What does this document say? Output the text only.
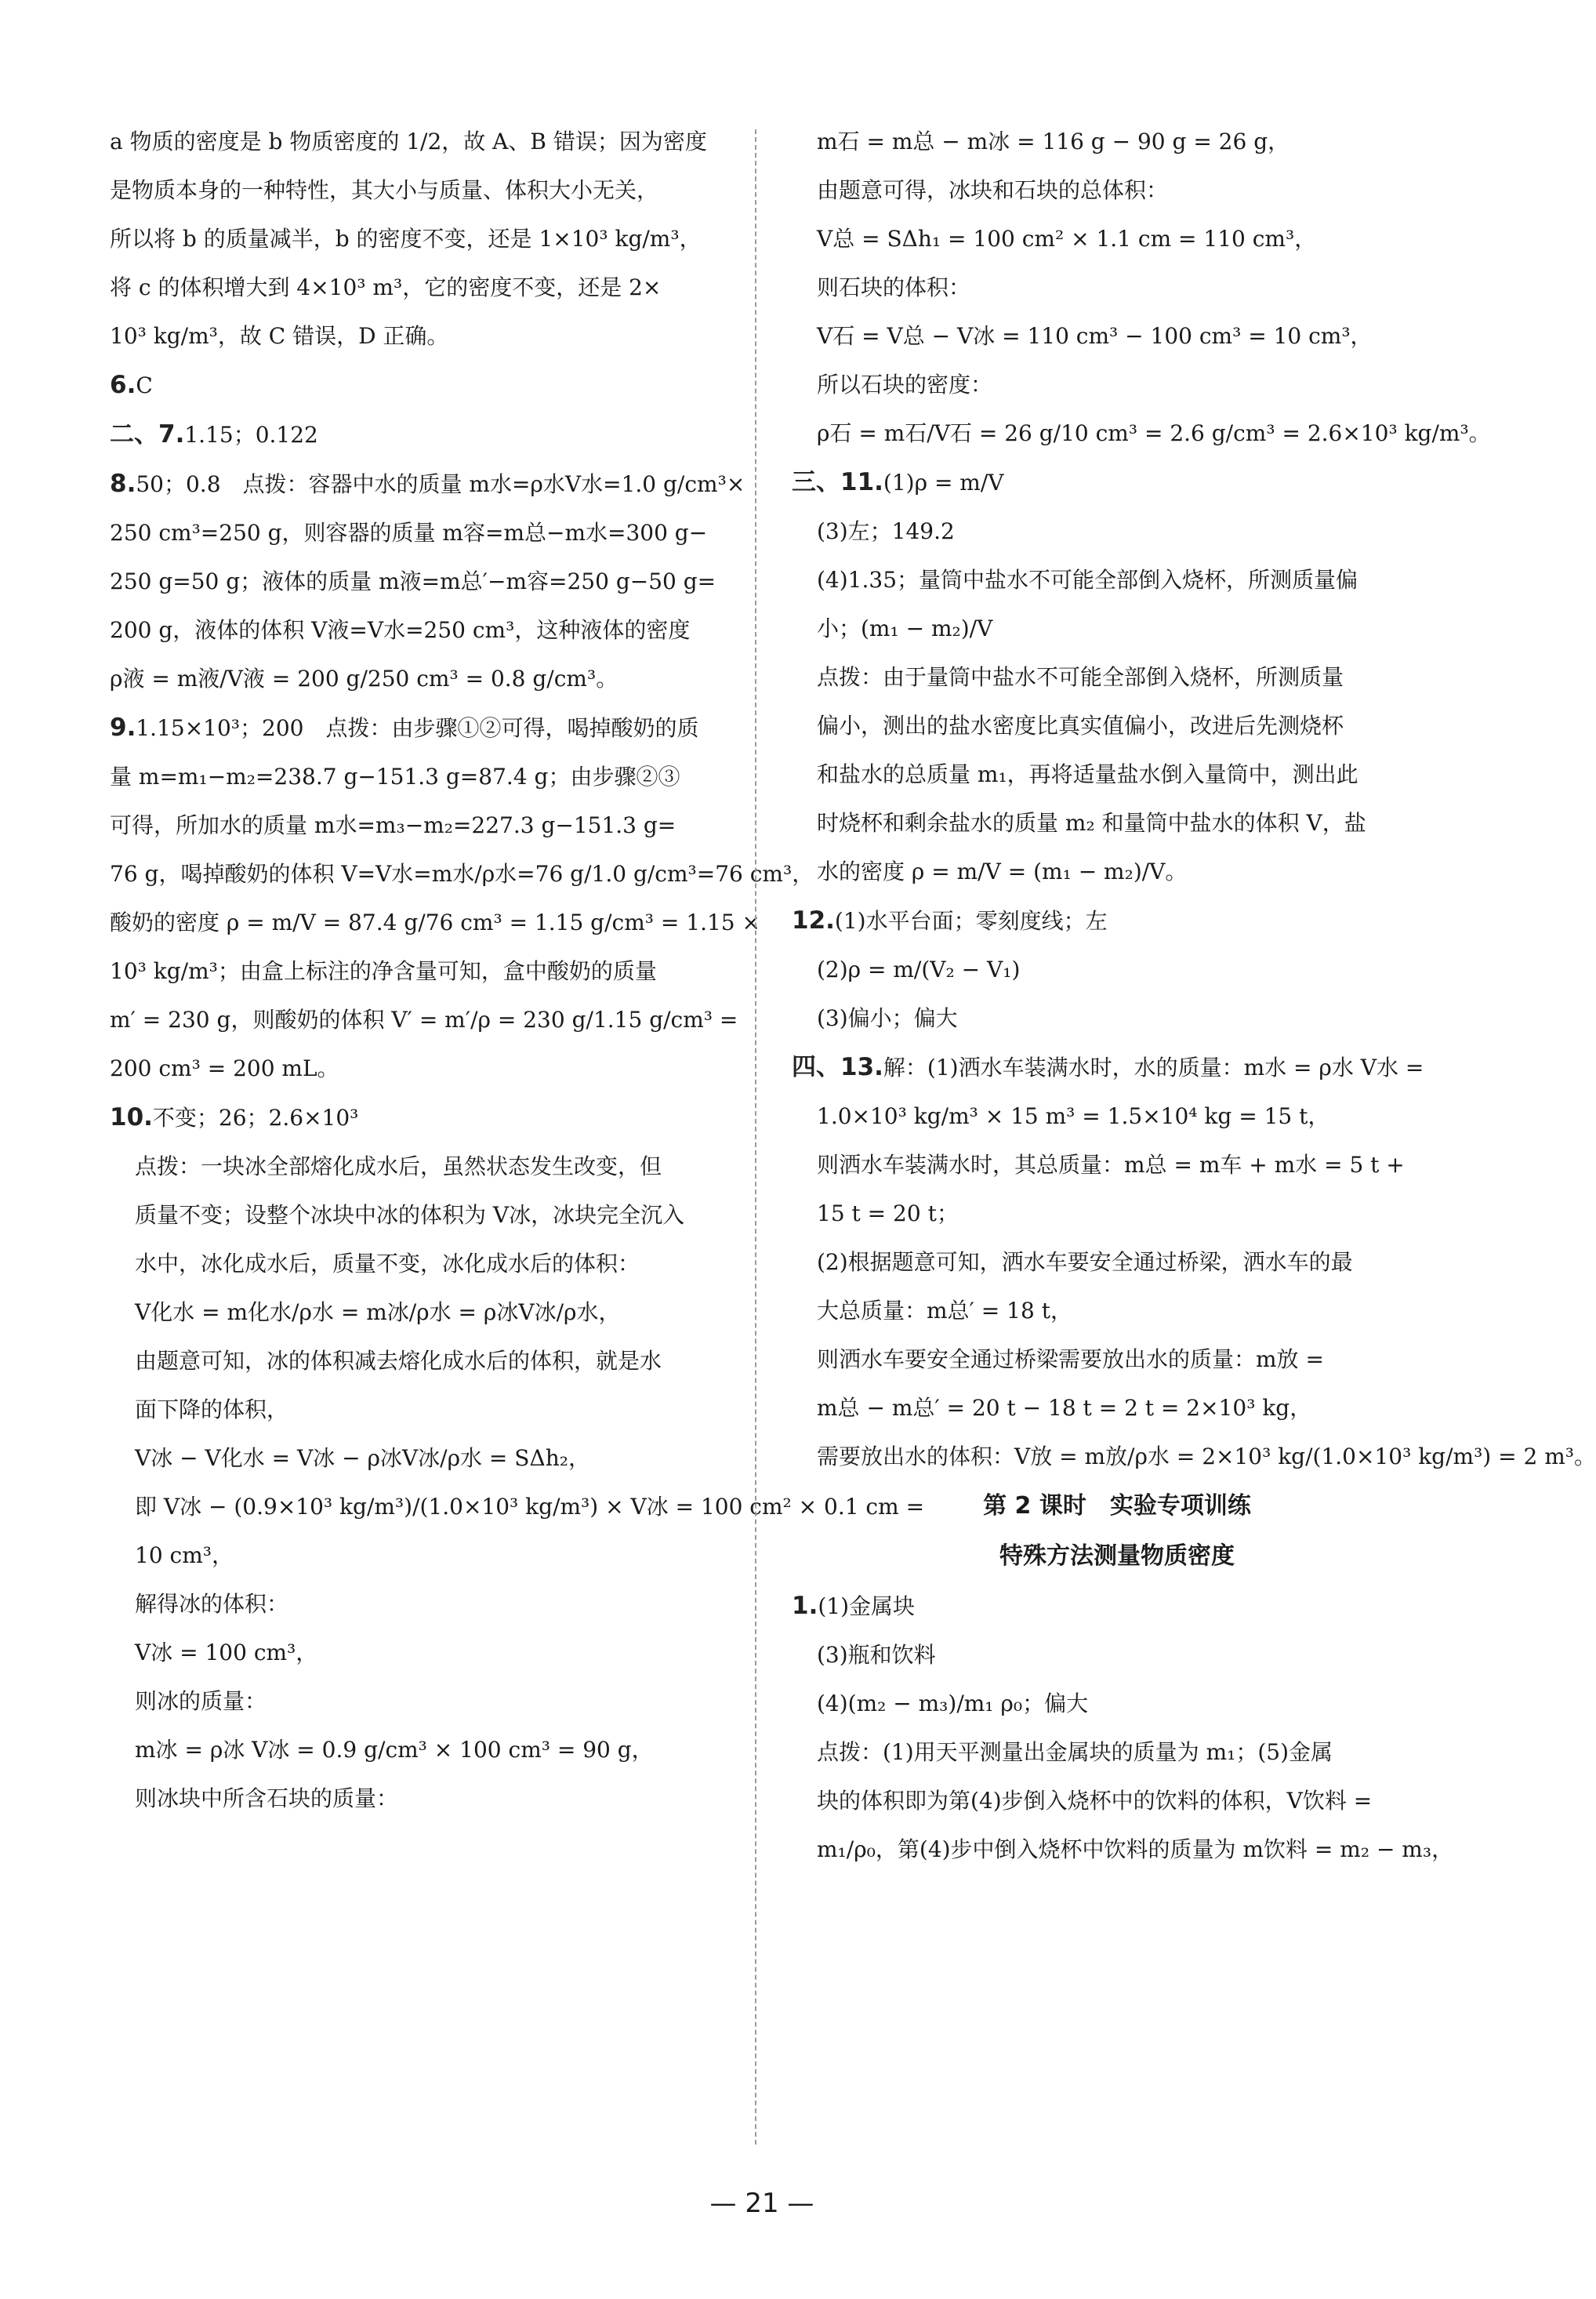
a 物质的密度是 b 物质密度的 1/2，故 A、B 错误；因为密度

是物质本身的一种特性，其大小与质量、体积大小无关，

所以将 b 的质量减半，b 的密度不变，还是 1×10³ kg/m³，

将 c 的体积增大到 4×10³ m³，它的密度不变，还是 2×

10³ kg/m³，故 C 错误，D 正确。

6.C

二、7.1.15；0.122

8.50；0.8　点拨：容器中水的质量 m水=ρ水V水=1.0 g/cm³×

250 cm³=250 g，则容器的质量 m容=m总−m水=300 g−

250 g=50 g；液体的质量 m液=m总′−m容=250 g−50 g=

200 g，液体的体积 V液=V水=250 cm³，这种液体的密度

ρ液 = m液/V液 = 200 g/250 cm³ = 0.8 g/cm³。

9.1.15×10³；200　点拨：由步骤①②可得，喝掉酸奶的质

量 m=m₁−m₂=238.7 g−151.3 g=87.4 g；由步骤②③

可得，所加水的质量 m水=m₃−m₂=227.3 g−151.3 g=

76 g，喝掉酸奶的体积 V=V水=m水/ρ水=76 g/1.0 g/cm³=76 cm³，

酸奶的密度 ρ = m/V = 87.4 g/76 cm³ = 1.15 g/cm³ = 1.15 ×

10³ kg/m³；由盒上标注的净含量可知，盒中酸奶的质量

m′ = 230 g，则酸奶的体积 V′ = m′/ρ = 230 g/1.15 g/cm³ =

200 cm³ = 200 mL。

10.不变；26；2.6×10³

点拨：一块冰全部熔化成水后，虽然状态发生改变，但

质量不变；设整个冰块中冰的体积为 V冰，冰块完全沉入

水中，冰化成水后，质量不变，冰化成水后的体积：

V化水 = m化水/ρ水 = m冰/ρ水 = ρ冰V冰/ρ水，

由题意可知，冰的体积减去熔化成水后的体积，就是水

面下降的体积，

V冰 − V化水 = V冰 − ρ冰V冰/ρ水 = SΔh₂，

即 V冰 − (0.9×10³ kg/m³)/(1.0×10³ kg/m³) × V冰 = 100 cm² × 0.1 cm =

10 cm³，

解得冰的体积：

V冰 = 100 cm³，

则冰的质量：

m冰 = ρ冰 V冰 = 0.9 g/cm³ × 100 cm³ = 90 g，

则冰块中所含石块的质量：

m石 = m总 − m冰 = 116 g − 90 g = 26 g，

由题意可得，冰块和石块的总体积：

V总 = SΔh₁ = 100 cm² × 1.1 cm = 110 cm³，

则石块的体积：

V石 = V总 − V冰 = 110 cm³ − 100 cm³ = 10 cm³，

所以石块的密度：

ρ石 = m石/V石 = 26 g/10 cm³ = 2.6 g/cm³ = 2.6×10³ kg/m³。

三、11.(1)ρ = m/V

(3)左；149.2

(4)1.35；量筒中盐水不可能全部倒入烧杯，所测质量偏

小；(m₁ − m₂)/V

点拨：由于量筒中盐水不可能全部倒入烧杯，所测质量

偏小，测出的盐水密度比真实值偏小，改进后先测烧杯

和盐水的总质量 m₁，再将适量盐水倒入量筒中，测出此

时烧杯和剩余盐水的质量 m₂ 和量筒中盐水的体积 V，盐

水的密度 ρ = m/V = (m₁ − m₂)/V。

12.(1)水平台面；零刻度线；左

(2)ρ = m/(V₂ − V₁)

(3)偏小；偏大

四、13.解：(1)洒水车装满水时，水的质量：m水 = ρ水 V水 =

1.0×10³ kg/m³ × 15 m³ = 1.5×10⁴ kg = 15 t，

则洒水车装满水时，其总质量：m总 = m车 + m水 = 5 t +

15 t = 20 t；

(2)根据题意可知，洒水车要安全通过桥梁，洒水车的最

大总质量：m总′ = 18 t，

则洒水车要安全通过桥梁需要放出水的质量：m放 =

m总 − m总′ = 20 t − 18 t = 2 t = 2×10³ kg，

需要放出水的体积：V放 = m放/ρ水 = 2×10³ kg/(1.0×10³ kg/m³) = 2 m³。

第 2 课时　实验专项训练

特殊方法测量物质密度

1.(1)金属块

(3)瓶和饮料

(4)(m₂ − m₃)/m₁ ρ₀；偏大

点拨：(1)用天平测量出金属块的质量为 m₁；(5)金属

块的体积即为第(4)步倒入烧杯中的饮料的体积，V饮料 =

m₁/ρ₀，第(4)步中倒入烧杯中饮料的质量为 m饮料 = m₂ − m₃，

— 21 —
